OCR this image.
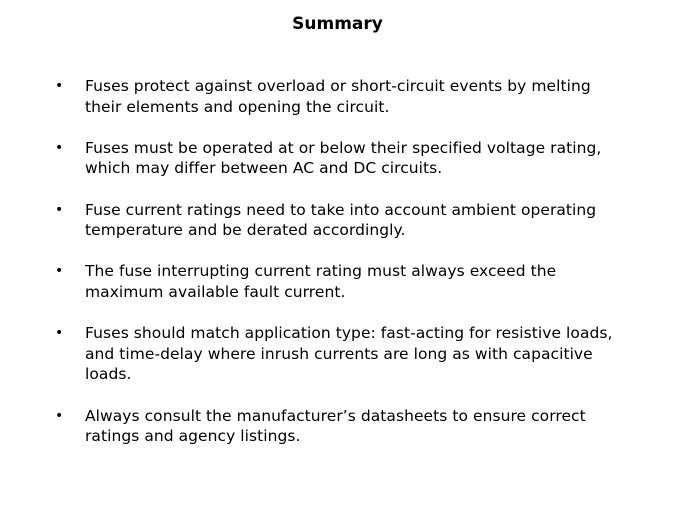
Summary
• Fuses protect against overload or short-circuit events by melting their elements and opening the circuit.
• Fuses must be operated at or below their specified voltage rating, which may differ between AC and DC circuits.
• Fuse current ratings need to take into account ambient operating temperature and be derated accordingly.
• The fuse interrupting current rating must always exceed the maximum available fault current.
• Fuses should match application type: fast-acting for resistive loads, and time-delay where inrush currents are long as with capacitive loads.
• Always consult the manufacturer’s datasheets to ensure correct ratings and agency listings.
